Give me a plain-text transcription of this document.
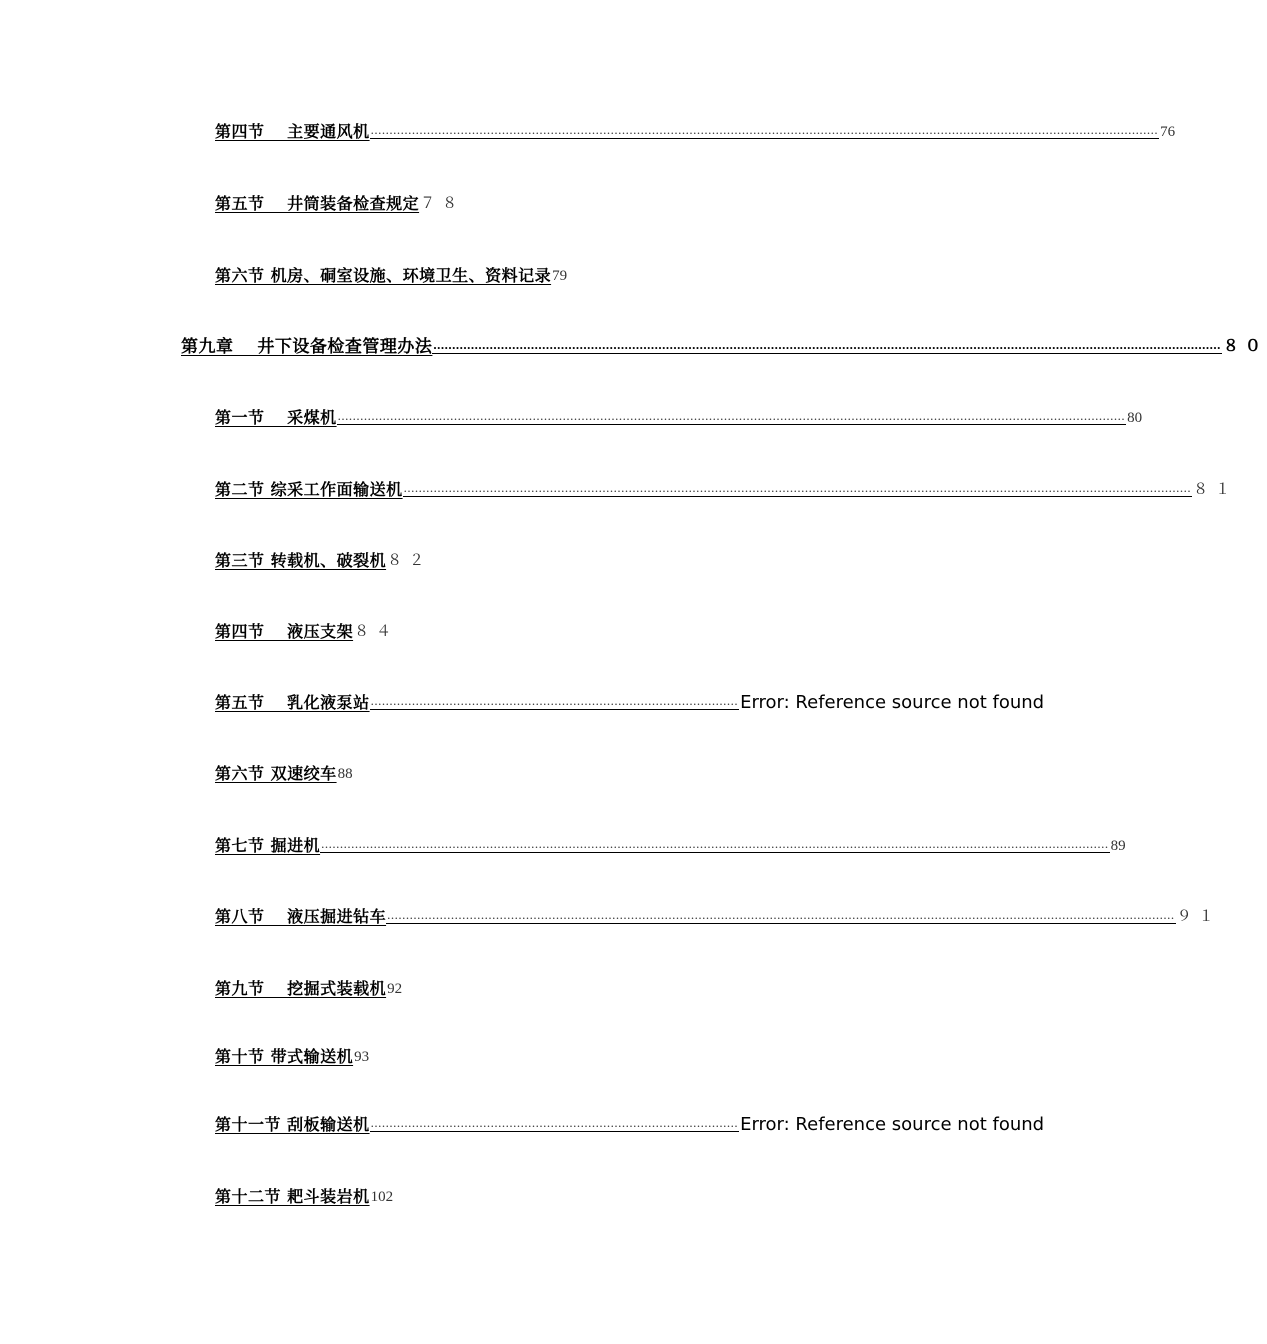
第四节　 主要通风机 .................................................................................................................................................................................................................. 76
第五节　 井筒装备检查规定 ７８
第六节 机房、硐室设施、环境卫生、资料记录 79
第九章　 井下设备检查管理办法 .................................................................................................................................................................................................................. ８０
第一节　 采煤机 .................................................................................................................................................................................................................. 80
第二节 综采工作面输送机 .................................................................................................................................................................................................................. ８１
第三节 转载机、破裂机 ８２
第四节　 液压支架 ８４
第五节　 乳化液泵站 .................................................................................................. Error: Reference source not found
第六节 双速绞车 88
第七节 掘进机 .................................................................................................................................................................................................................. 89
第八节　 液压掘进钻车 .................................................................................................................................................................................................................. ９１
第九节　 挖掘式装载机 92
第十节 带式输送机 93
第十一节 刮板输送机 .................................................................................................. Error: Reference source not found
第十二节 耙斗装岩机 102
